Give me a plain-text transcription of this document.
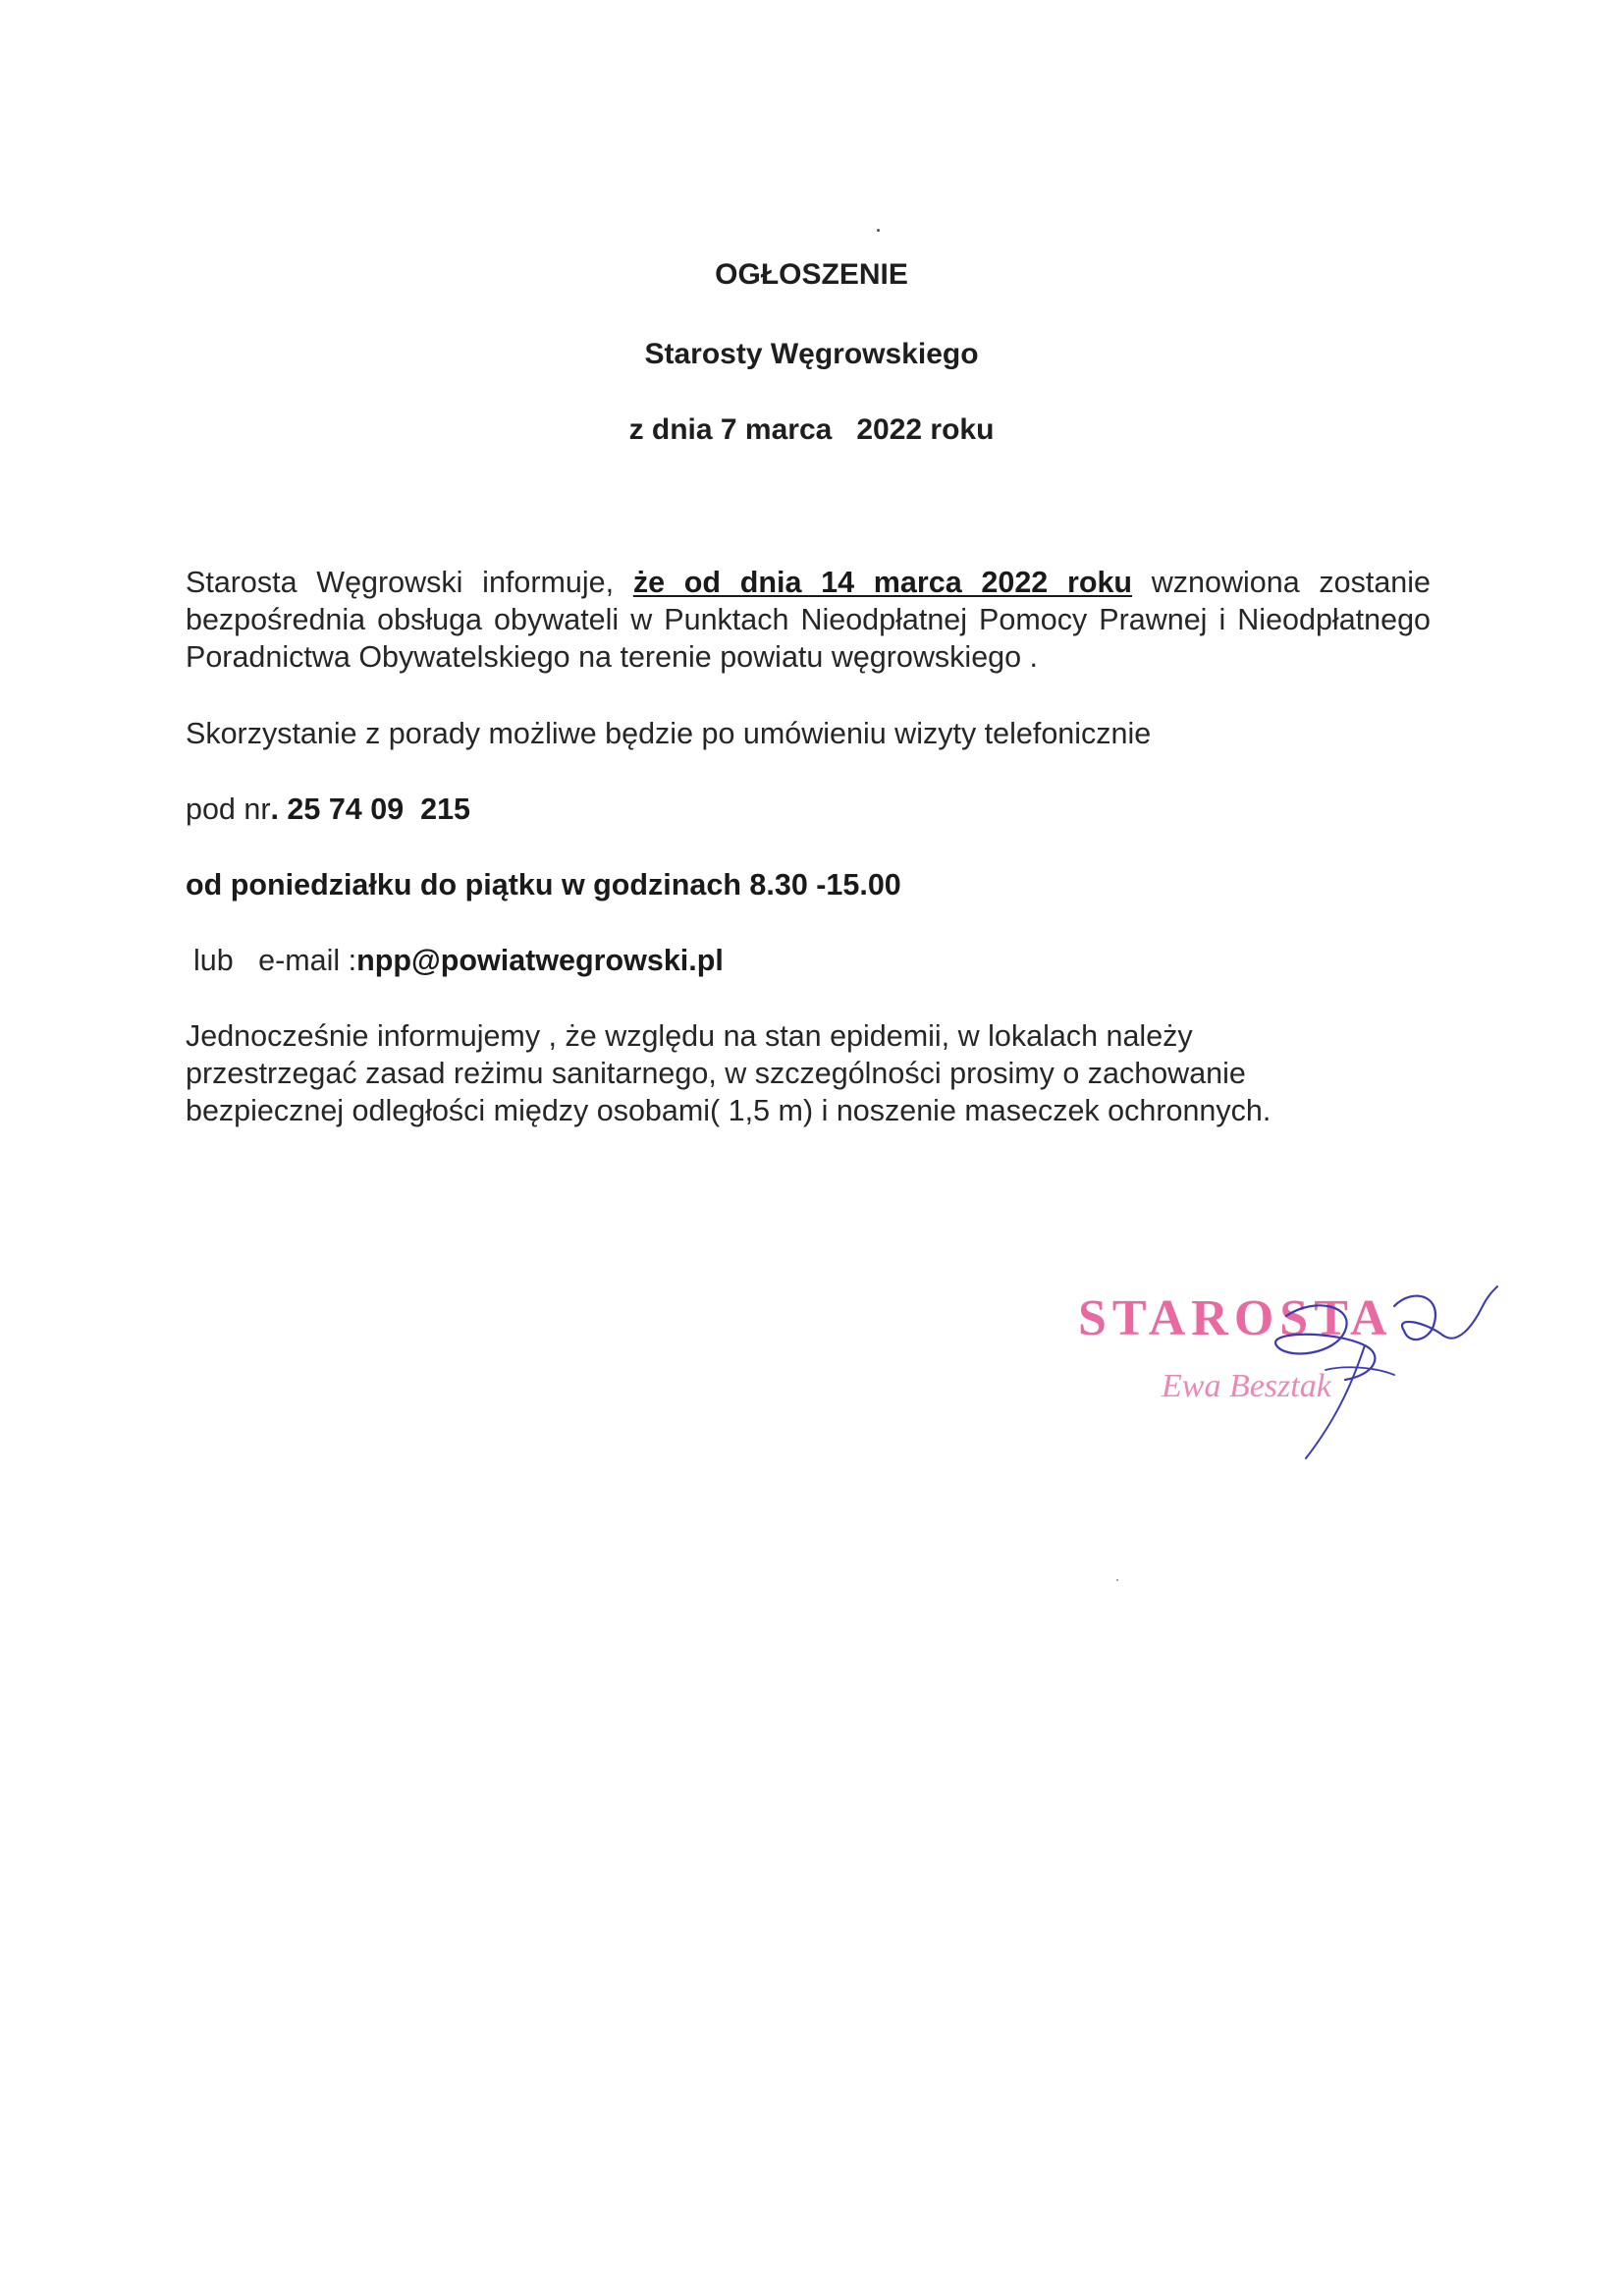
OGŁOSZENIE
Starosty Węgrowskiego
z dnia 7 marca   2022 roku
Starosta Węgrowski informuje, że od dnia 14 marca 2022 roku wznowiona zostanie bezpośrednia obsługa obywateli w Punktach Nieodpłatnej Pomocy Prawnej i Nieodpłatnego Poradnictwa Obywatelskiego na terenie powiatu węgrowskiego .
Skorzystanie z porady możliwe będzie po umówieniu wizyty telefonicznie
pod nr. 25 74 09  215
od poniedziałku do piątku w godzinach 8.30 -15.00
lub   e-mail :npp@powiatwegrowski.pl
Jednocześnie informujemy , że względu na stan epidemii, w lokalach należy
przestrzegać zasad reżimu sanitarnego, w szczególności prosimy o zachowanie
bezpiecznej odległości między osobami( 1,5 m) i noszenie maseczek ochronnych.
STAROSTA
Ewa Besztak
